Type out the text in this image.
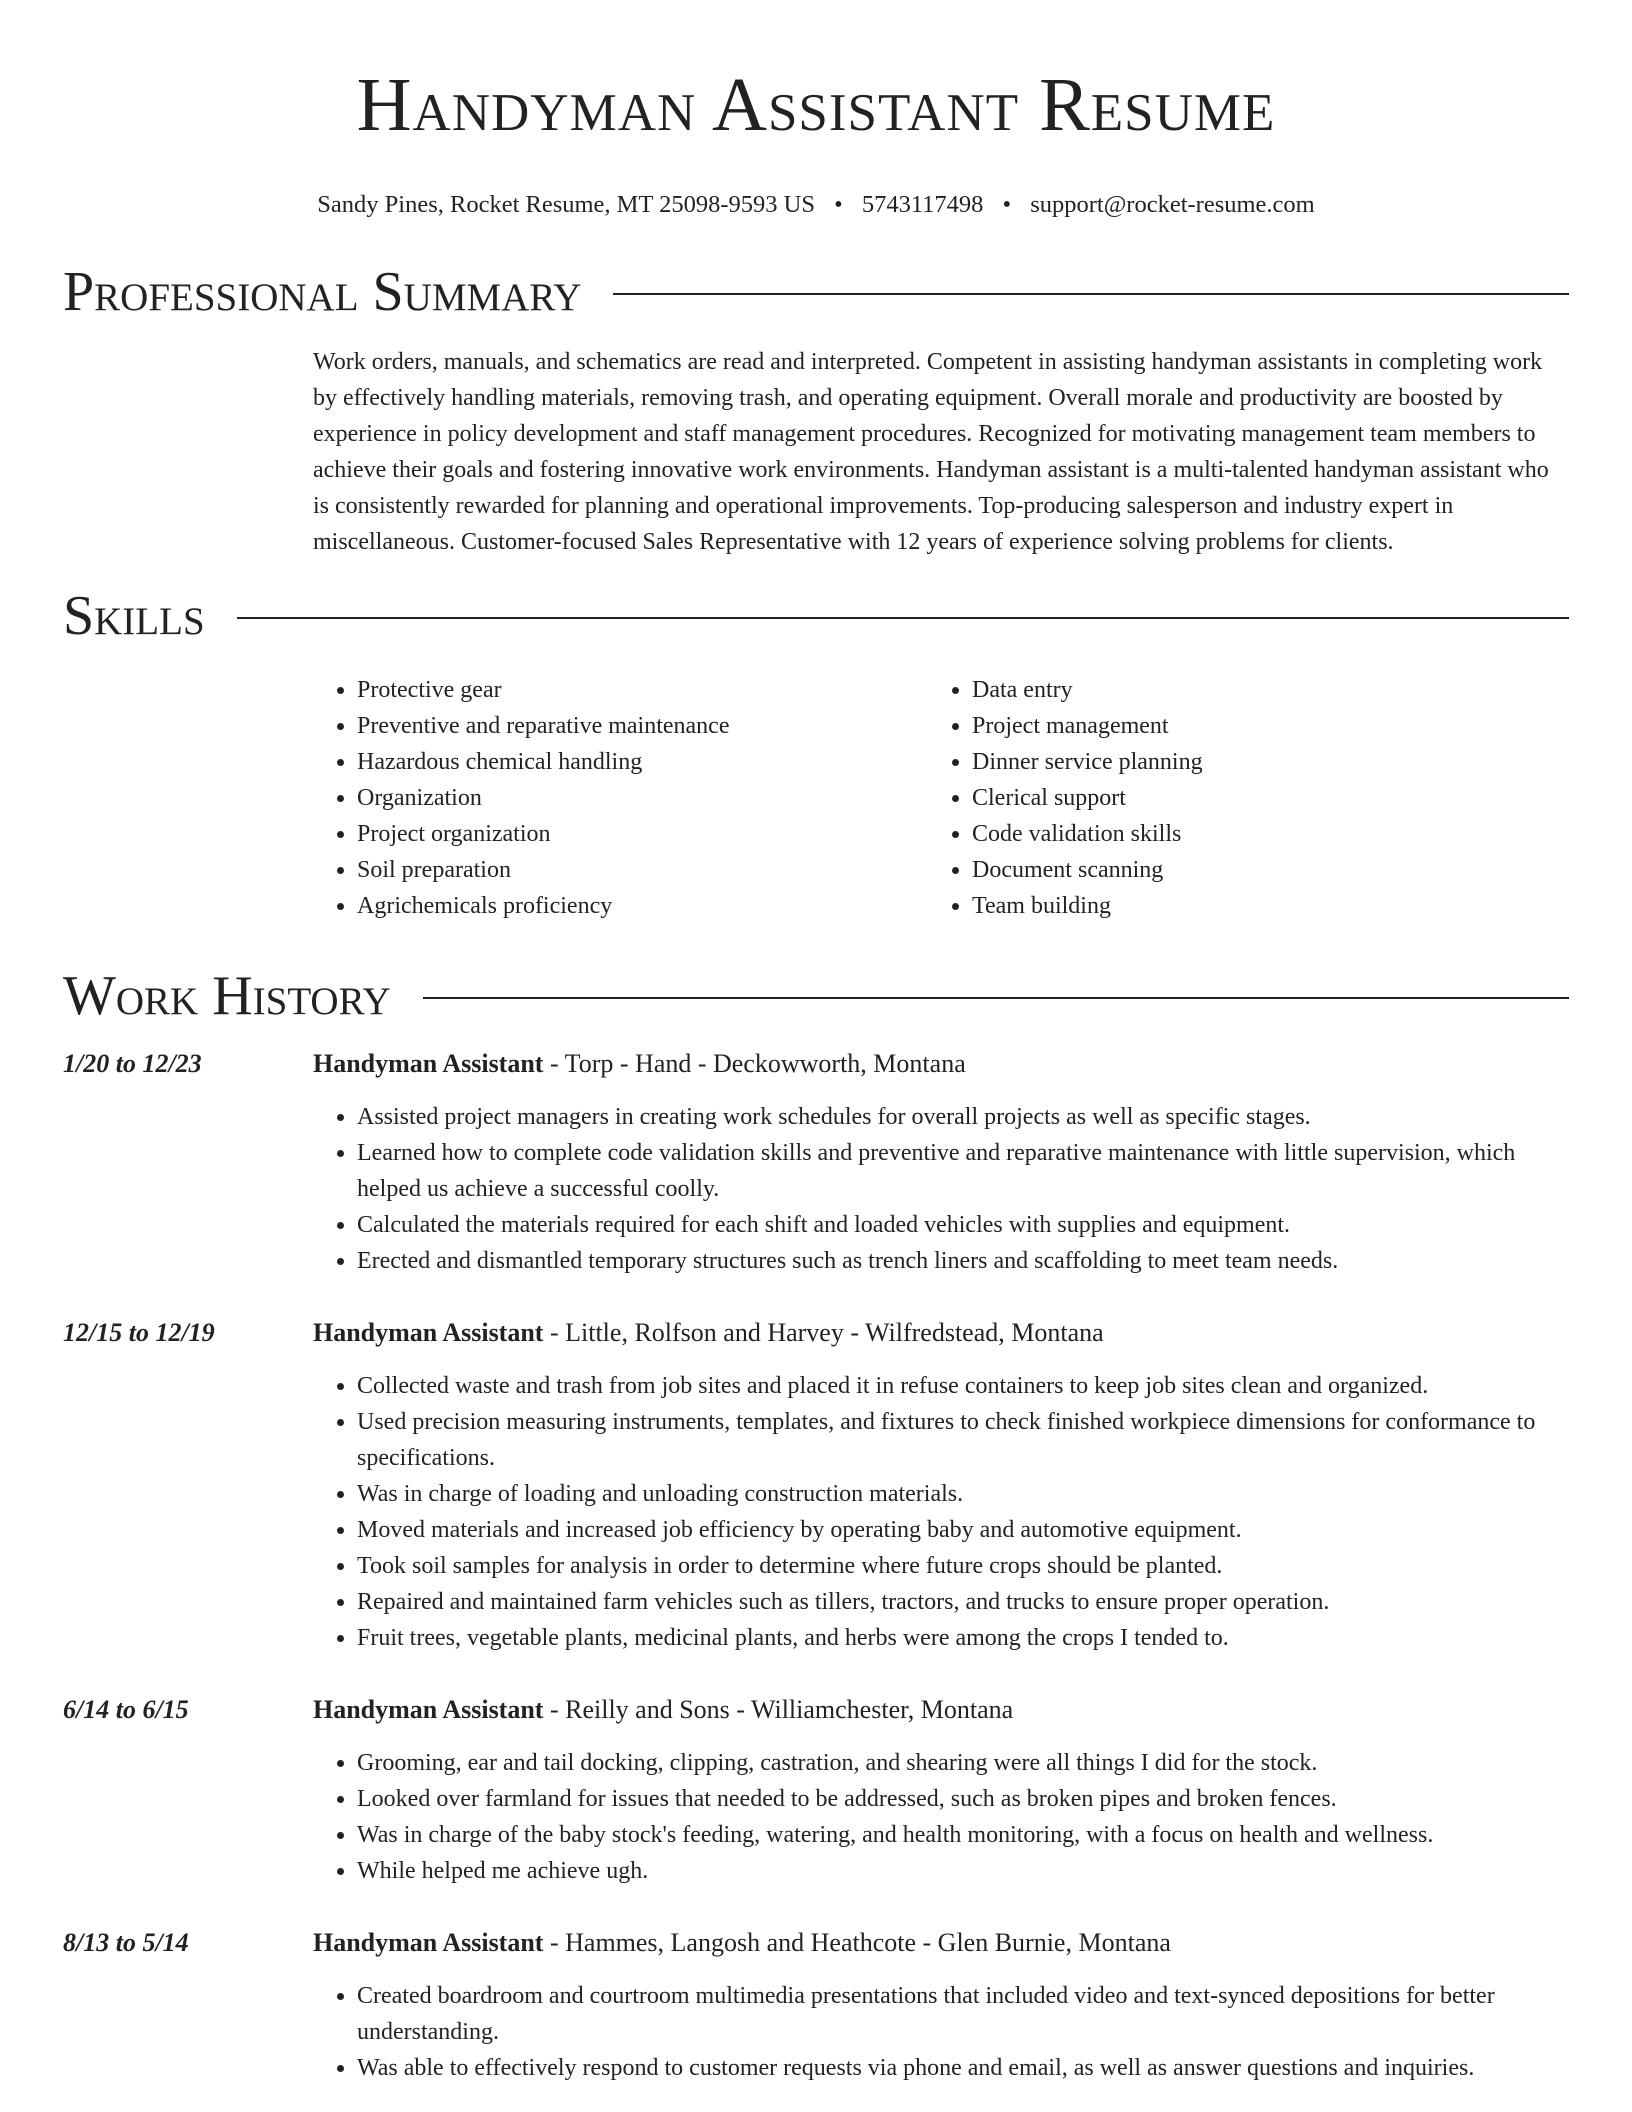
Handyman Assistant Resume
Sandy Pines, Rocket Resume, MT 25098-9593 US • 5743117498 • support@rocket-resume.com
Professional Summary

Work orders, manuals, and schematics are read and interpreted. Competent in assisting handyman assistants in completing work by effectively handling materials, removing trash, and operating equipment. Overall morale and productivity are boosted by experience in policy development and staff management procedures. Recognized for motivating management team members to achieve their goals and fostering innovative work environments. Handyman assistant is a multi-talented handyman assistant who is consistently rewarded for planning and operational improvements. Top-producing salesperson and industry expert in miscellaneous. Customer-focused Sales Representative with 12 years of experience solving problems for clients.

Skills
• Protective gear
• Preventive and reparative maintenance
• Hazardous chemical handling
• Organization
• Project organization
• Soil preparation
• Agrichemicals proficiency
• Data entry
• Project management
• Dinner service planning
• Clerical support
• Code validation skills
• Document scanning
• Team building
Work History
1/20 to 12/23	Handyman Assistant - Torp - Hand - Deckowworth, Montana
• Assisted project managers in creating work schedules for overall projects as well as specific stages.
• Learned how to complete code validation skills and preventive and reparative maintenance with little supervision, which helped us achieve a successful coolly.
• Calculated the materials required for each shift and loaded vehicles with supplies and equipment.
• Erected and dismantled temporary structures such as trench liners and scaffolding to meet team needs.
12/15 to 12/19	Handyman Assistant - Little, Rolfson and Harvey - Wilfredstead, Montana
• Collected waste and trash from job sites and placed it in refuse containers to keep job sites clean and organized.
• Used precision measuring instruments, templates, and fixtures to check finished workpiece dimensions for conformance to specifications.
• Was in charge of loading and unloading construction materials.
• Moved materials and increased job efficiency by operating baby and automotive equipment.
• Took soil samples for analysis in order to determine where future crops should be planted.
• Repaired and maintained farm vehicles such as tillers, tractors, and trucks to ensure proper operation.
• Fruit trees, vegetable plants, medicinal plants, and herbs were among the crops I tended to.
6/14 to 6/15	Handyman Assistant - Reilly and Sons - Williamchester, Montana
• Grooming, ear and tail docking, clipping, castration, and shearing were all things I did for the stock.
• Looked over farmland for issues that needed to be addressed, such as broken pipes and broken fences.
• Was in charge of the baby stock's feeding, watering, and health monitoring, with a focus on health and wellness.
• While helped me achieve ugh.
8/13 to 5/14	Handyman Assistant - Hammes, Langosh and Heathcote - Glen Burnie, Montana
• Created boardroom and courtroom multimedia presentations that included video and text-synced depositions for better understanding.
• Was able to effectively respond to customer requests via phone and email, as well as answer questions and inquiries.
